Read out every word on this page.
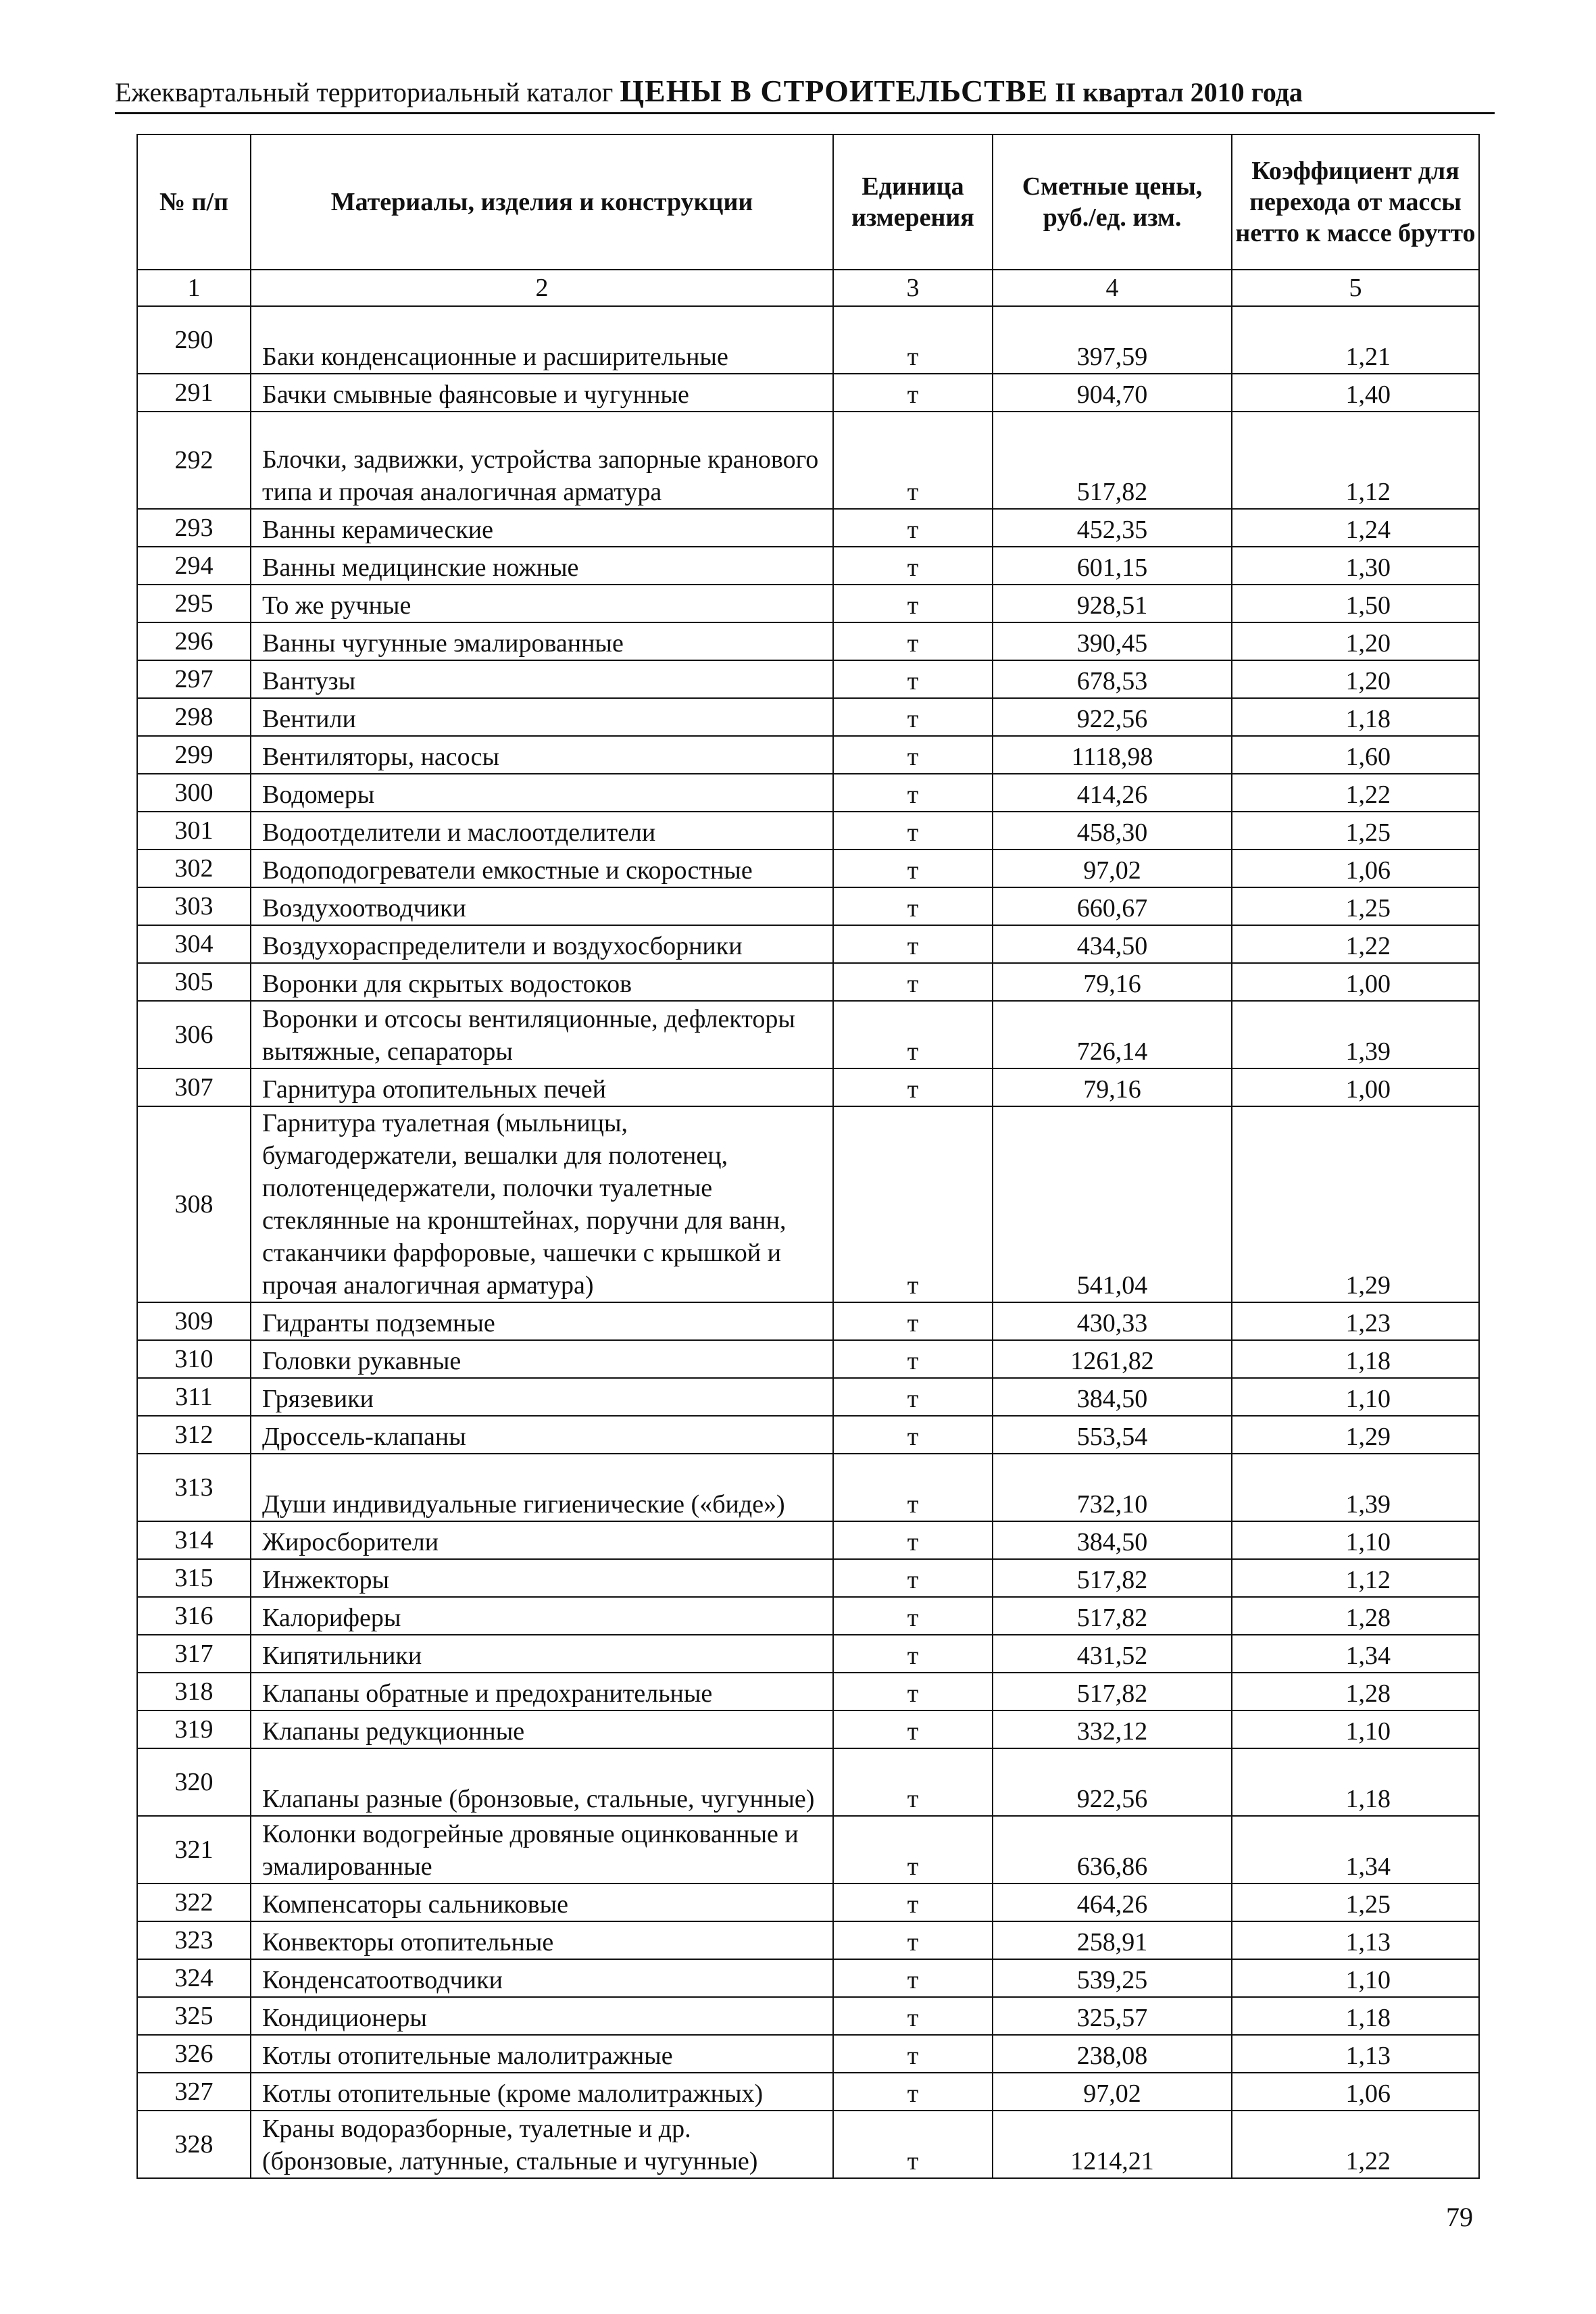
Ежеквартальный территориальный каталог ЦЕНЫ В СТРОИТЕЛЬСТВЕ II квартал 2010 года
№ п/п	Материалы, изделия и конструкции	Единица измерения	Сметные цены, руб./ед. изм.	Коэффициент для перехода от массы нетто к массе брутто
1	2	3	4	5
290	Баки конденсационные и расширительные	т	397,59	1,21
291	Бачки смывные фаянсовые и чугунные	т	904,70	1,40
292	Блочки, задвижки, устройства запорные кранового типа и прочая аналогичная арматура	т	517,82	1,12
293	Ванны керамические	т	452,35	1,24
294	Ванны медицинские ножные	т	601,15	1,30
295	То же ручные	т	928,51	1,50
296	Ванны чугунные эмалированные	т	390,45	1,20
297	Вантузы	т	678,53	1,20
298	Вентили	т	922,56	1,18
299	Вентиляторы, насосы	т	1118,98	1,60
300	Водомеры	т	414,26	1,22
301	Водоотделители и маслоотделители	т	458,30	1,25
302	Водоподогреватели емкостные и скоростные	т	97,02	1,06
303	Воздухоотводчики	т	660,67	1,25
304	Воздухораспределители и воздухосборники	т	434,50	1,22
305	Воронки для скрытых водостоков	т	79,16	1,00
306	Воронки и отсосы вентиляционные, дефлекторы вытяжные, сепараторы	т	726,14	1,39
307	Гарнитура отопительных печей	т	79,16	1,00
308	Гарнитура туалетная (мыльницы, бумагодержатели, вешалки для полотенец, полотенцедержатели, полочки туалетные стеклянные на кронштейнах, поручни для ванн, стаканчики фарфоровые, чашечки с крышкой и прочая аналогичная арматура)	т	541,04	1,29
309	Гидранты подземные	т	430,33	1,23
310	Головки рукавные	т	1261,82	1,18
311	Грязевики	т	384,50	1,10
312	Дроссель-клапаны	т	553,54	1,29
313	Души индивидуальные гигиенические («биде»)	т	732,10	1,39
314	Жиросборители	т	384,50	1,10
315	Инжекторы	т	517,82	1,12
316	Калориферы	т	517,82	1,28
317	Кипятильники	т	431,52	1,34
318	Клапаны обратные и предохранительные	т	517,82	1,28
319	Клапаны редукционные	т	332,12	1,10
320	Клапаны разные (бронзовые, стальные, чугунные)	т	922,56	1,18
321	Колонки водогрейные дровяные оцинкованные и эмалированные	т	636,86	1,34
322	Компенсаторы сальниковые	т	464,26	1,25
323	Конвекторы отопительные	т	258,91	1,13
324	Конденсатоотводчики	т	539,25	1,10
325	Кондиционеры	т	325,57	1,18
326	Котлы отопительные малолитражные	т	238,08	1,13
327	Котлы отопительные (кроме малолитражных)	т	97,02	1,06
328	Краны водоразборные, туалетные и др. (бронзовые, латунные, стальные и чугунные)	т	1214,21	1,22
79
